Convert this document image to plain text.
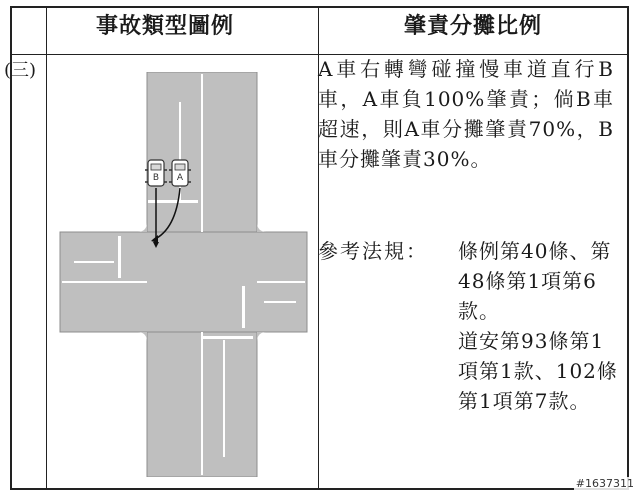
事故類型圖例	肇責分攤比例
(三)
B A

A車右轉彎碰撞慢車道直行B車，A車負100%肇責；倘B車超速，則A車分攤肇責70%，B車分攤肇責30%。

參考法規： 條例第40條、第48條第1項第6款。

道安第93條第1項第1款、102條第1項第7款。

#1637311
